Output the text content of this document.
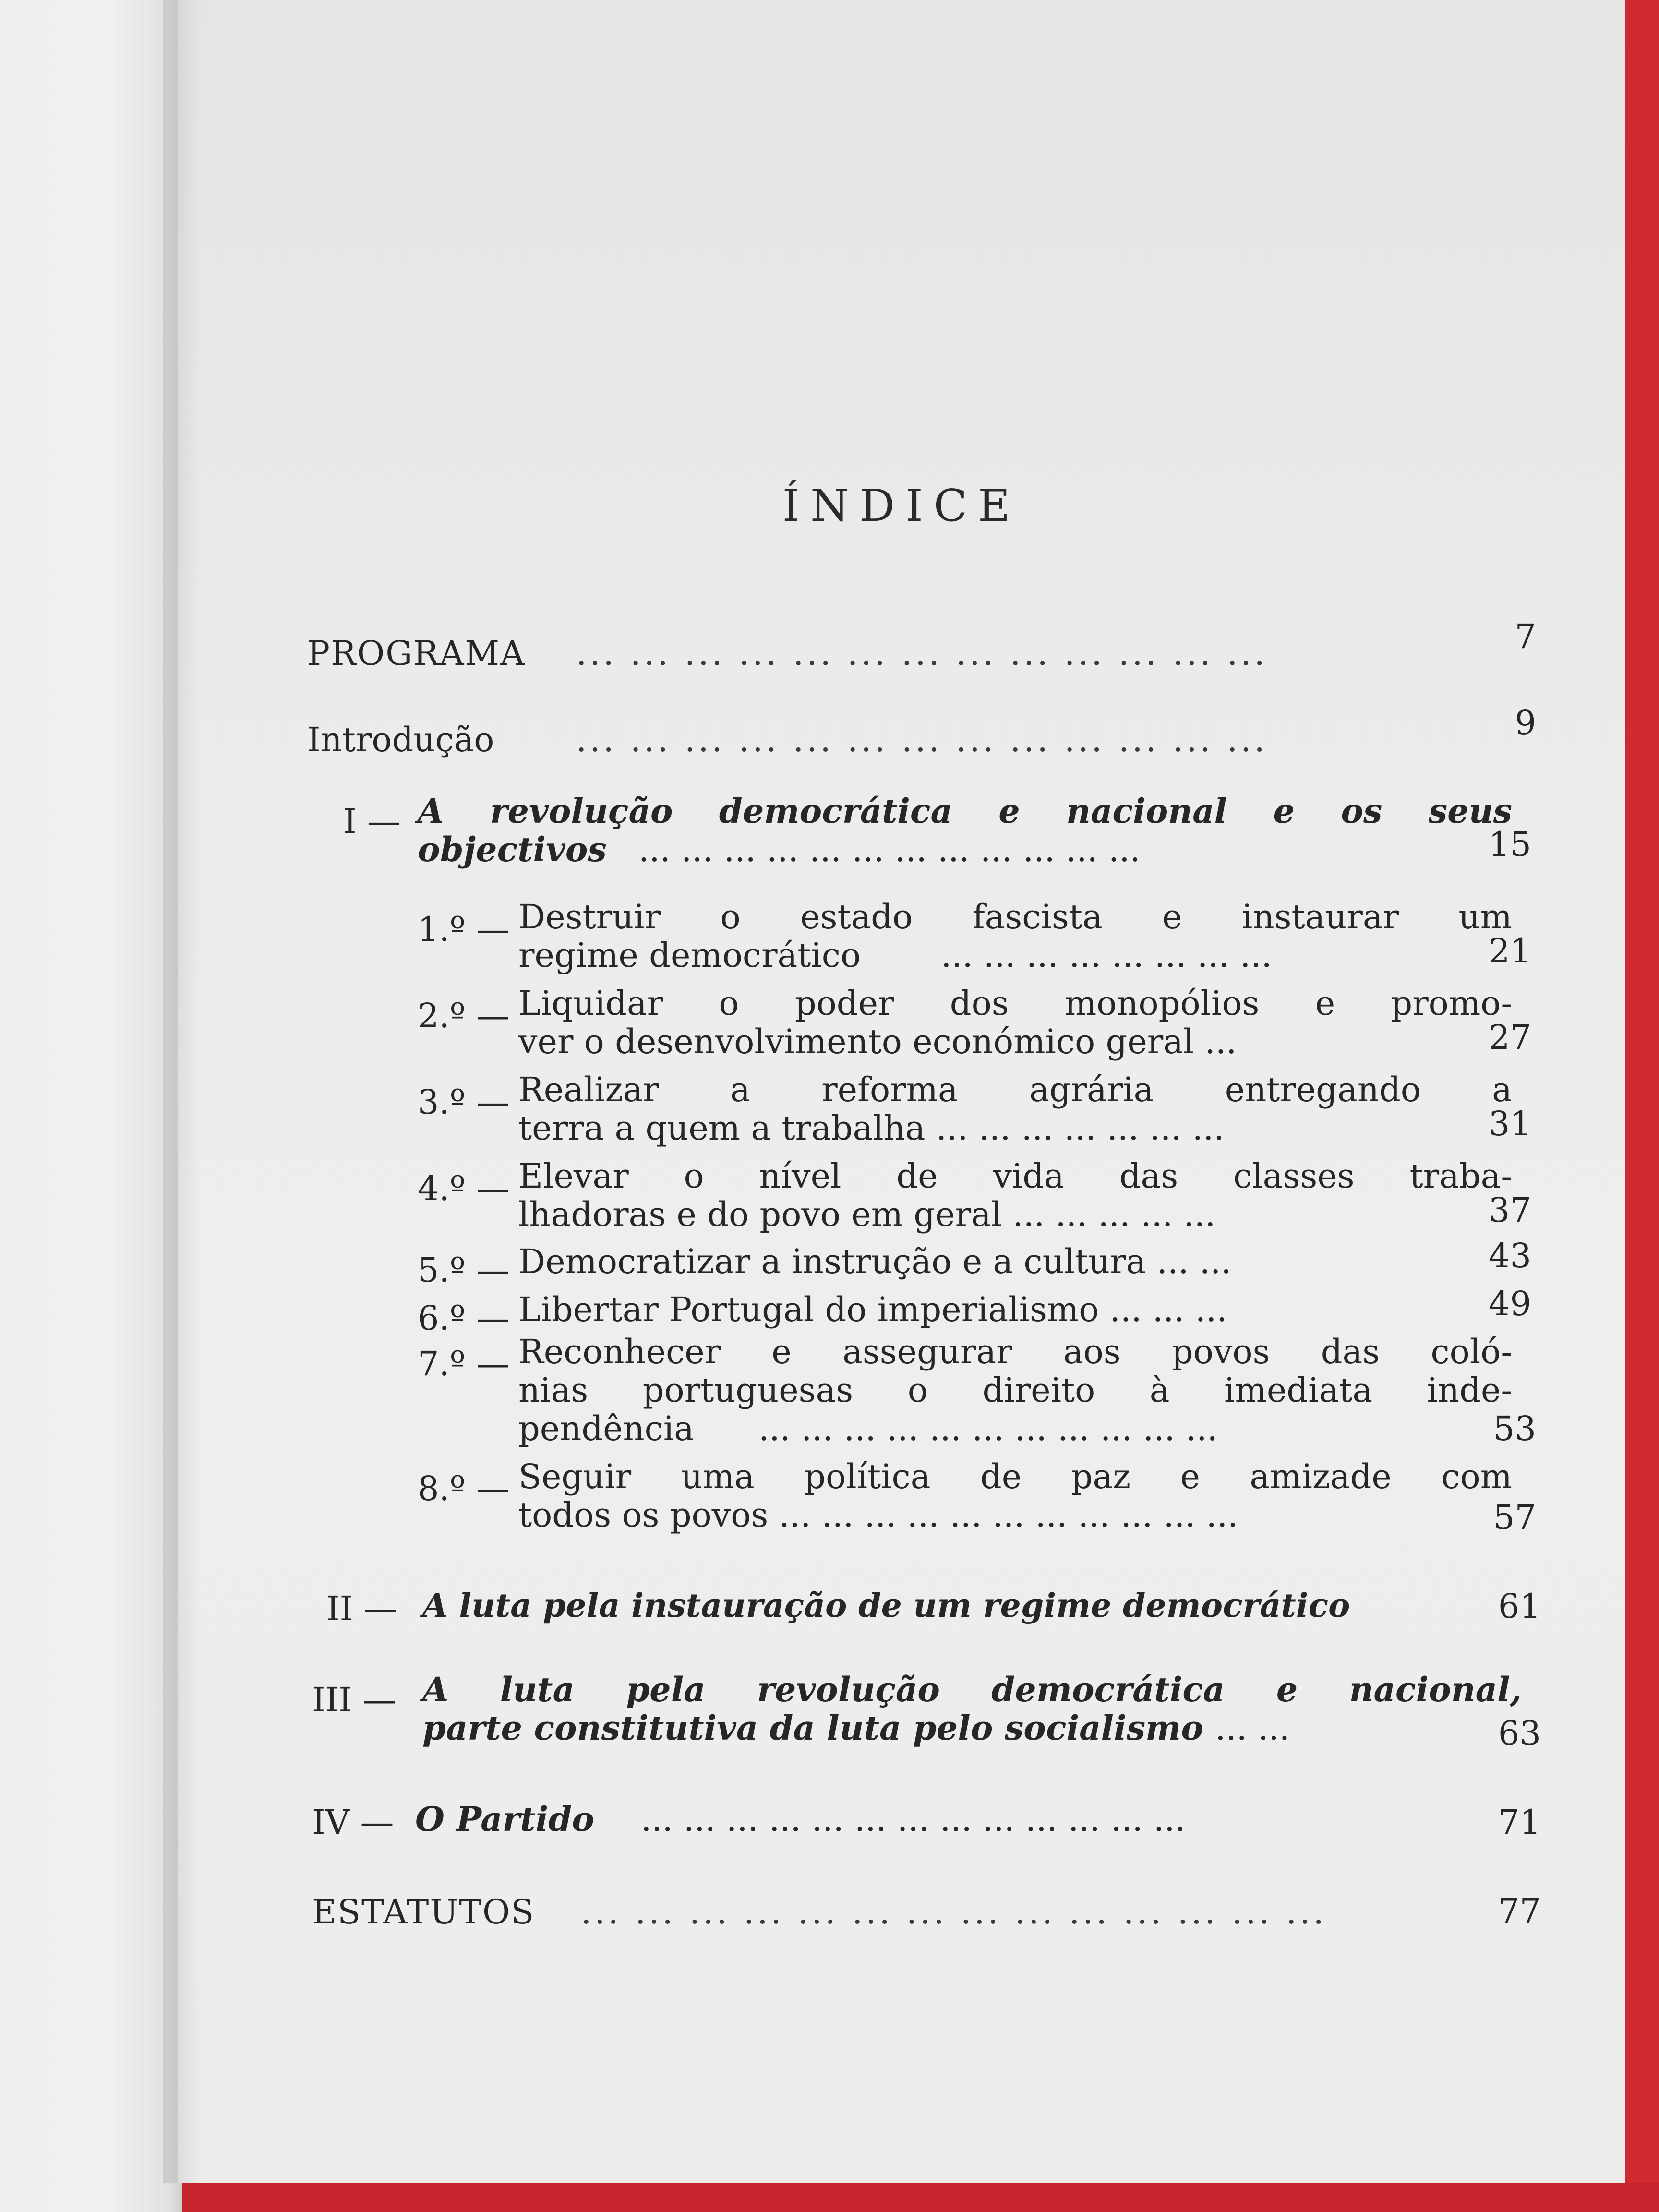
ÍNDICE
PROGRAMA ... ... ... ... ... ... ... ... ... ... ... ... ...	7
Introdução ... ... ... ... ... ... ... ... ... ... ... ... ...	9
I — A revolução democrática e nacional e os seus
objectivos ... ... ... ... ... ... ... ... ... ... ... ...	15
1.º — Destruir o estado fascista e instaurar um
regime democrático ... ... ... ... ... ... ... ...	21
2.º — Liquidar o poder dos monopólios e promo-
ver o desenvolvimento económico geral ...	27
3.º — Realizar a reforma agrária entregando a
terra a quem a trabalha ... ... ... ... ... ... ...	31
4.º — Elevar o nível de vida das classes traba-
lhadoras e do povo em geral ... ... ... ... ...	37
5.º — Democratizar a instrução e a cultura ... ...	43
6.º — Libertar Portugal do imperialismo ... ... ...	49
7.º — Reconhecer e assegurar aos povos das coló-
nias portuguesas o direito à imediata inde-
pendência ... ... ... ... ... ... ... ... ... ... ...	53
8.º — Seguir uma política de paz e amizade com
todos os povos ... ... ... ... ... ... ... ... ... ... ...	57
II — A luta pela instauração de um regime democrático	61
III — A luta pela revolução democrática e nacional,
parte constitutiva da luta pelo socialismo ... ...	63
IV — O Partido ... ... ... ... ... ... ... ... ... ... ... ... ...	71
ESTATUTOS ... ... ... ... ... ... ... ... ... ... ... ... ... ...	77
